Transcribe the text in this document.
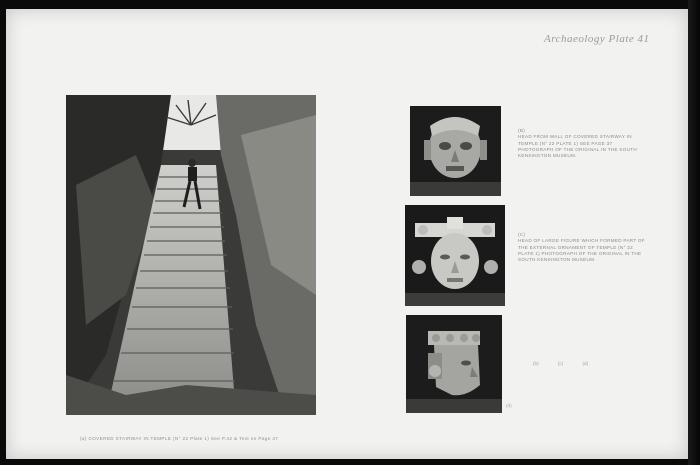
Archaeology Plate 41
(a) COVERED STAIRWAY IN TEMPLE (N° 22 Plate 1) See P.42 & Text on Page 37
(B)
HEAD FROM WALL OF COVERED STAIRWAY IN TEMPLE (N° 22 PLATE 1) SEE PAGE 37 PHOTOGRAPH OF THE ORIGINAL IN THE SOUTH KENSINGTON MUSEUM.
(C)
HEAD OF LARGE FIGURE WHICH FORMED PART OF THE EXTERNAL ORNAMENT OF TEMPLE (N° 22 PLATE 1) PHOTOGRAPH OF THE ORIGINAL IN THE SOUTH KENSINGTON MUSEUM.
(b) (c) (d)
(d)
